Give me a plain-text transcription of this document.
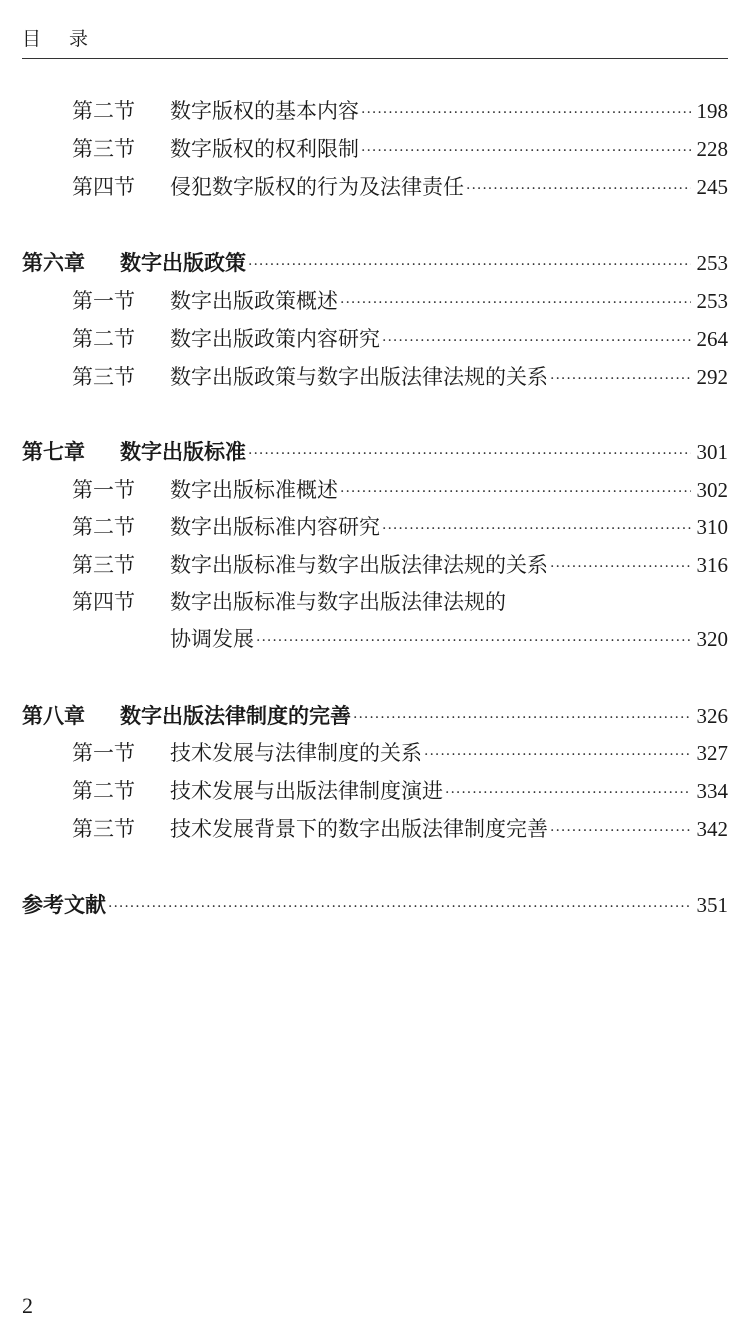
目 录
第二节 数字版权的基本内容 ·····	198
第三节 数字版权的权利限制 ·····	228
第四节 侵犯数字版权的行为及法律责任 ·····	245
第六章 数字出版政策 ·····	253
第一节 数字出版政策概述 ·····	253
第二节 数字出版政策内容研究 ·····	264
第三节 数字出版政策与数字出版法律法规的关系 ·····	292
第七章 数字出版标准 ·····	301
第一节 数字出版标准概述 ·····	302
第二节 数字出版标准内容研究 ·····	310
第三节 数字出版标准与数字出版法律法规的关系 ·····	316
第四节 数字出版标准与数字出版法律法规的
协调发展 ·····	320
第八章 数字出版法律制度的完善 ·····	326
第一节 技术发展与法律制度的关系 ·····	327
第二节 技术发展与出版法律制度演进 ·····	334
第三节 技术发展背景下的数字出版法律制度完善 ·····	342
参考文献 ·····	351
2
